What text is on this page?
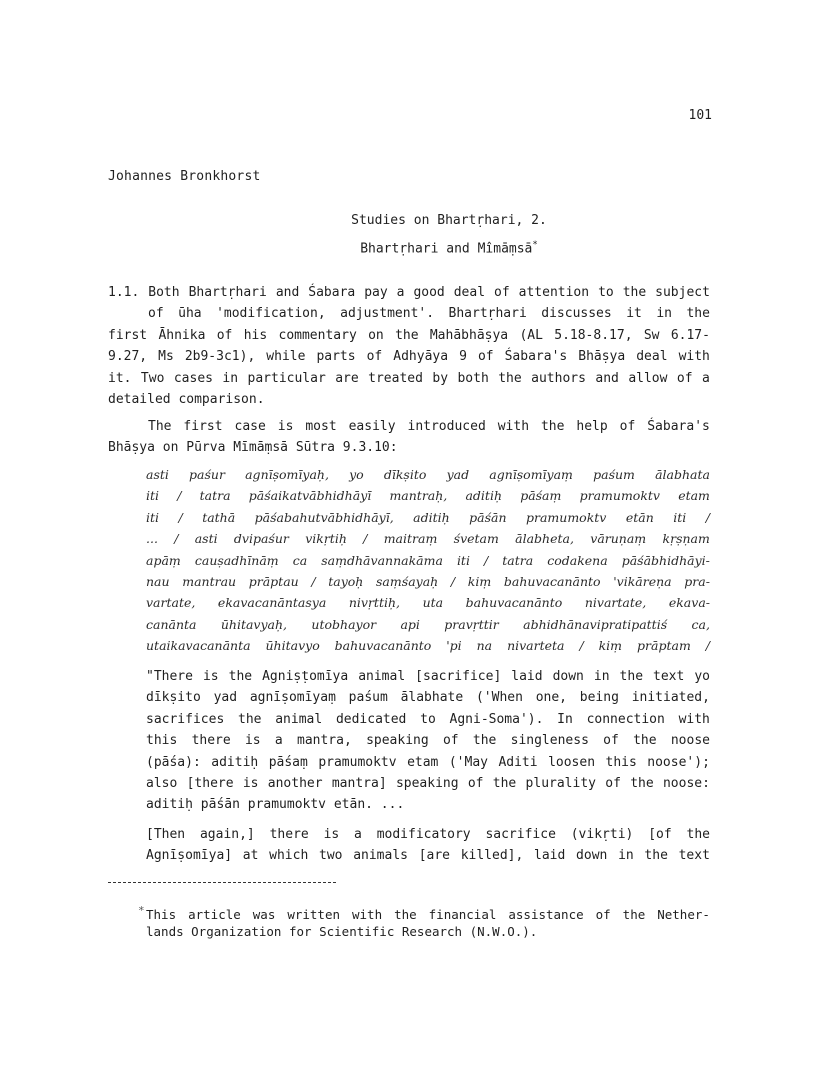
101
Johannes Bronkhorst
Studies on Bhartṛhari, 2.
Bhartṛhari and Mîmāṃsā*
1.1. Both Bhartṛhari and Śabara pay a good deal of attention to the subject
of ūha 'modification, adjustment'. Bhartṛhari discusses it in the
first Āhnika of his commentary on the Mahābhāṣya (AL 5.18-8.17, Sw 6.17-
9.27, Ms 2b9-3c1), while parts of Adhyāya 9 of Śabara's Bhāṣya deal with
it. Two cases in particular are treated by both the authors and allow of a
detailed comparison.
The first case is most easily introduced with the help of Śabara's
Bhāṣya on Pūrva Mīmāṃsā Sūtra 9.3.10:
asti paśur agnīṣomīyaḥ, yo dīkṣito yad agnīṣomīyaṃ paśum ālabhata
iti / tatra pāśaikatvābhidhāyī mantraḥ, aditiḥ pāśaṃ pramumoktv etam
iti / tathā pāśabahutvābhidhāyī, aditiḥ pāśān pramumoktv etān iti /
... / asti dvipaśur vikṛtiḥ / maitraṃ śvetam ālabheta, vāruṇaṃ kṛṣṇam
apāṃ cauṣadhīnāṃ ca saṃdhāvannakāma iti / tatra codakena pāśābhidhāyi-
nau mantrau prāptau / tayoḥ saṃśayaḥ / kiṃ bahuvacanānto 'vikāreṇa pra-
vartate, ekavacanāntasya nivṛttiḥ, uta bahuvacanānto nivartate, ekava-
canānta ūhitavyaḥ, utobhayor api pravṛttir abhidhānavipratipattiś ca,
utaikavacanānta ūhitavyo bahuvacanānto 'pi na nivarteta / kiṃ prāptam /
"There is the Agniṣṭomīya animal [sacrifice] laid down in the text yo
dīkṣito yad agnīṣomīyaṃ paśum ālabhate ('When one, being initiated,
sacrifices the animal dedicated to Agni-Soma'). In connection with
this there is a mantra, speaking of the singleness of the noose
(pāśa): aditiḥ pāśaṃ pramumoktv etam ('May Aditi loosen this noose');
also [there is another mantra] speaking of the plurality of the noose:
aditiḥ pāśān pramumoktv etān. ...
[Then again,] there is a modificatory sacrifice (vikṛti) [of the
Agnīṣomīya] at which two animals [are killed], laid down in the text
* This article was written with the financial assistance of the Nether-
lands Organization for Scientific Research (N.W.O.).
